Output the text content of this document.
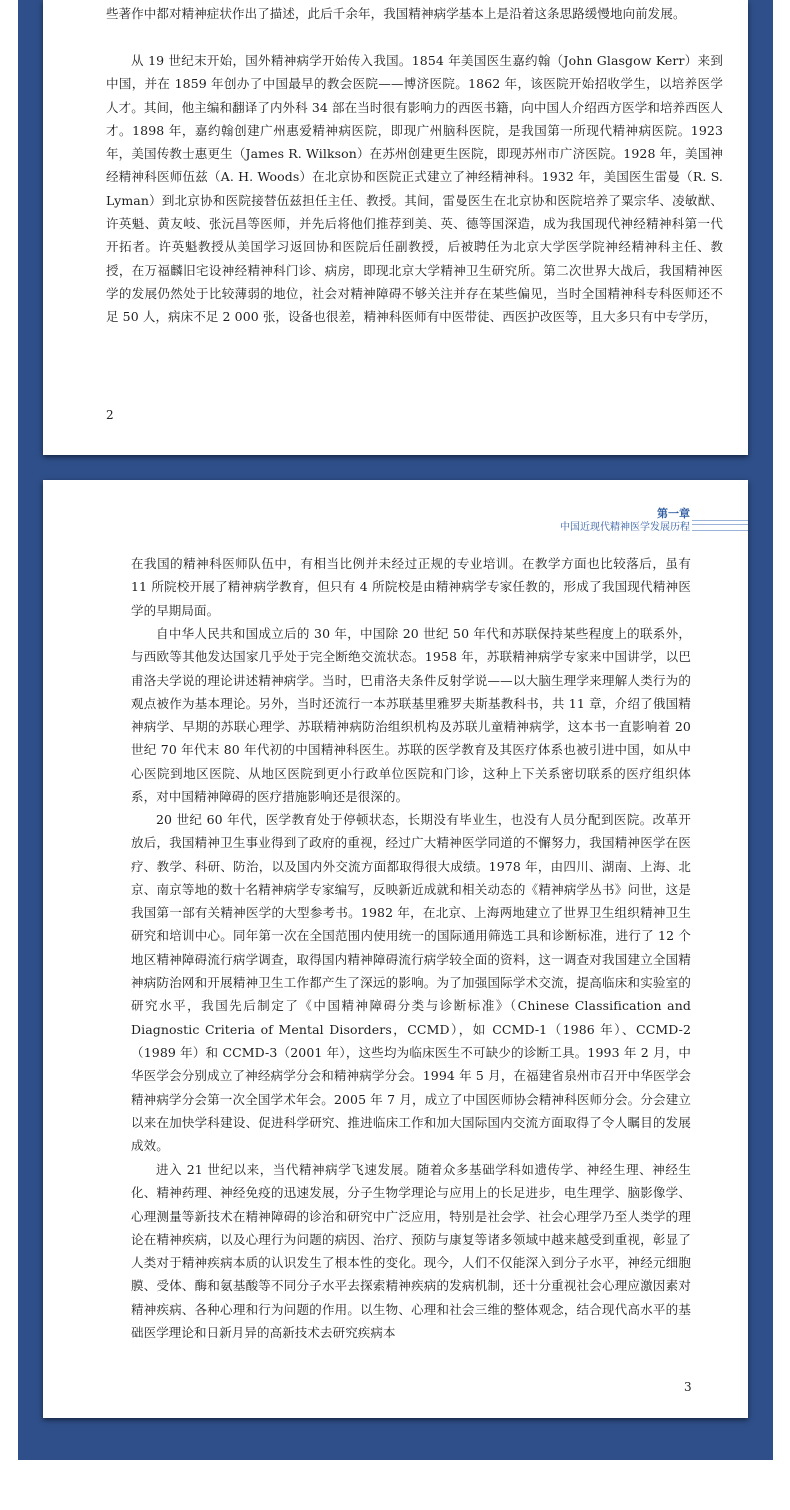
些著作中都对精神症状作出了描述，此后千余年，我国精神病学基本上是沿着这条思路缓慢地向前发展。

从 19 世纪末开始，国外精神病学开始传入我国。1854 年美国医生嘉约翰（John Glasgow Kerr）来到中国，并在 1859 年创办了中国最早的教会医院——博济医院。1862 年，该医院开始招收学生，以培养医学人才。其间，他主编和翻译了内外科 34 部在当时很有影响力的西医书籍，向中国人介绍西方医学和培养西医人才。1898 年，嘉约翰创建广州惠爱精神病医院，即现广州脑科医院，是我国第一所现代精神病医院。1923 年，美国传教士惠更生（James R. Wilkson）在苏州创建更生医院，即现苏州市广济医院。1928 年，美国神经精神科医师伍兹（A. H. Woods）在北京协和医院正式建立了神经精神科。1932 年，美国医生雷曼（R. S. Lyman）到北京协和医院接替伍兹担任主任、教授。其间，雷曼医生在北京协和医院培养了粟宗华、凌敏猷、许英魁、黄友岐、张沅昌等医师，并先后将他们推荐到美、英、德等国深造，成为我国现代神经精神科第一代开拓者。许英魁教授从美国学习返回协和医院后任副教授，后被聘任为北京大学医学院神经精神科主任、教授，在万福麟旧宅设神经精神科门诊、病房，即现北京大学精神卫生研究所。第二次世界大战后，我国精神医学的发展仍然处于比较薄弱的地位，社会对精神障碍不够关注并存在某些偏见，当时全国精神科专科医师还不足 50 人，病床不足 2 000 张，设备也很差，精神科医师有中医带徒、西医护改医等，且大多只有中专学历，

2
第一章
中国近现代精神医学发展历程

在我国的精神科医师队伍中，有相当比例并未经过正规的专业培训。在教学方面也比较落后，虽有 11 所院校开展了精神病学教育，但只有 4 所院校是由精神病学专家任教的，形成了我国现代精神医学的早期局面。

自中华人民共和国成立后的 30 年，中国除 20 世纪 50 年代和苏联保持某些程度上的联系外，与西欧等其他发达国家几乎处于完全断绝交流状态。1958 年，苏联精神病学专家来中国讲学，以巴甫洛夫学说的理论讲述精神病学。当时，巴甫洛夫条件反射学说——以大脑生理学来理解人类行为的观点被作为基本理论。另外，当时还流行一本苏联基里雅罗夫斯基教科书，共 11 章，介绍了俄国精神病学、早期的苏联心理学、苏联精神病防治组织机构及苏联儿童精神病学，这本书一直影响着 20 世纪 70 年代末 80 年代初的中国精神科医生。苏联的医学教育及其医疗体系也被引进中国，如从中心医院到地区医院、从地区医院到更小行政单位医院和门诊，这种上下关系密切联系的医疗组织体系，对中国精神障碍的医疗措施影响还是很深的。

20 世纪 60 年代，医学教育处于停顿状态，长期没有毕业生，也没有人员分配到医院。改革开放后，我国精神卫生事业得到了政府的重视，经过广大精神医学同道的不懈努力，我国精神医学在医疗、教学、科研、防治，以及国内外交流方面都取得很大成绩。1978 年，由四川、湖南、上海、北京、南京等地的数十名精神病学专家编写，反映新近成就和相关动态的《精神病学丛书》问世，这是我国第一部有关精神医学的大型参考书。1982 年，在北京、上海两地建立了世界卫生组织精神卫生研究和培训中心。同年第一次在全国范围内使用统一的国际通用筛选工具和诊断标准，进行了 12 个地区精神障碍流行病学调查，取得国内精神障碍流行病学较全面的资料，这一调查对我国建立全国精神病防治网和开展精神卫生工作都产生了深远的影响。为了加强国际学术交流，提高临床和实验室的研究水平，我国先后制定了《中国精神障碍分类与诊断标准》（Chinese Classification and Diagnostic Criteria of Mental Disorders，CCMD），如 CCMD-1（1986 年）、CCMD-2（1989 年）和 CCMD-3（2001 年），这些均为临床医生不可缺少的诊断工具。1993 年 2 月，中华医学会分别成立了神经病学分会和精神病学分会。1994 年 5 月，在福建省泉州市召开中华医学会精神病学分会第一次全国学术年会。2005 年 7 月，成立了中国医师协会精神科医师分会。分会建立以来在加快学科建设、促进科学研究、推进临床工作和加大国际国内交流方面取得了令人瞩目的发展成效。

进入 21 世纪以来，当代精神病学飞速发展。随着众多基础学科如遗传学、神经生理、神经生化、精神药理、神经免疫的迅速发展，分子生物学理论与应用上的长足进步，电生理学、脑影像学、心理测量等新技术在精神障碍的诊治和研究中广泛应用，特别是社会学、社会心理学乃至人类学的理论在精神疾病，以及心理行为问题的病因、治疗、预防与康复等诸多领域中越来越受到重视，彰显了人类对于精神疾病本质的认识发生了根本性的变化。现今，人们不仅能深入到分子水平，神经元细胞膜、受体、酶和氨基酸等不同分子水平去探索精神疾病的发病机制，还十分重视社会心理应激因素对精神疾病、各种心理和行为问题的作用。以生物、心理和社会三维的整体观念，结合现代高水平的基础医学理论和日新月异的高新技术去研究疾病本

3
